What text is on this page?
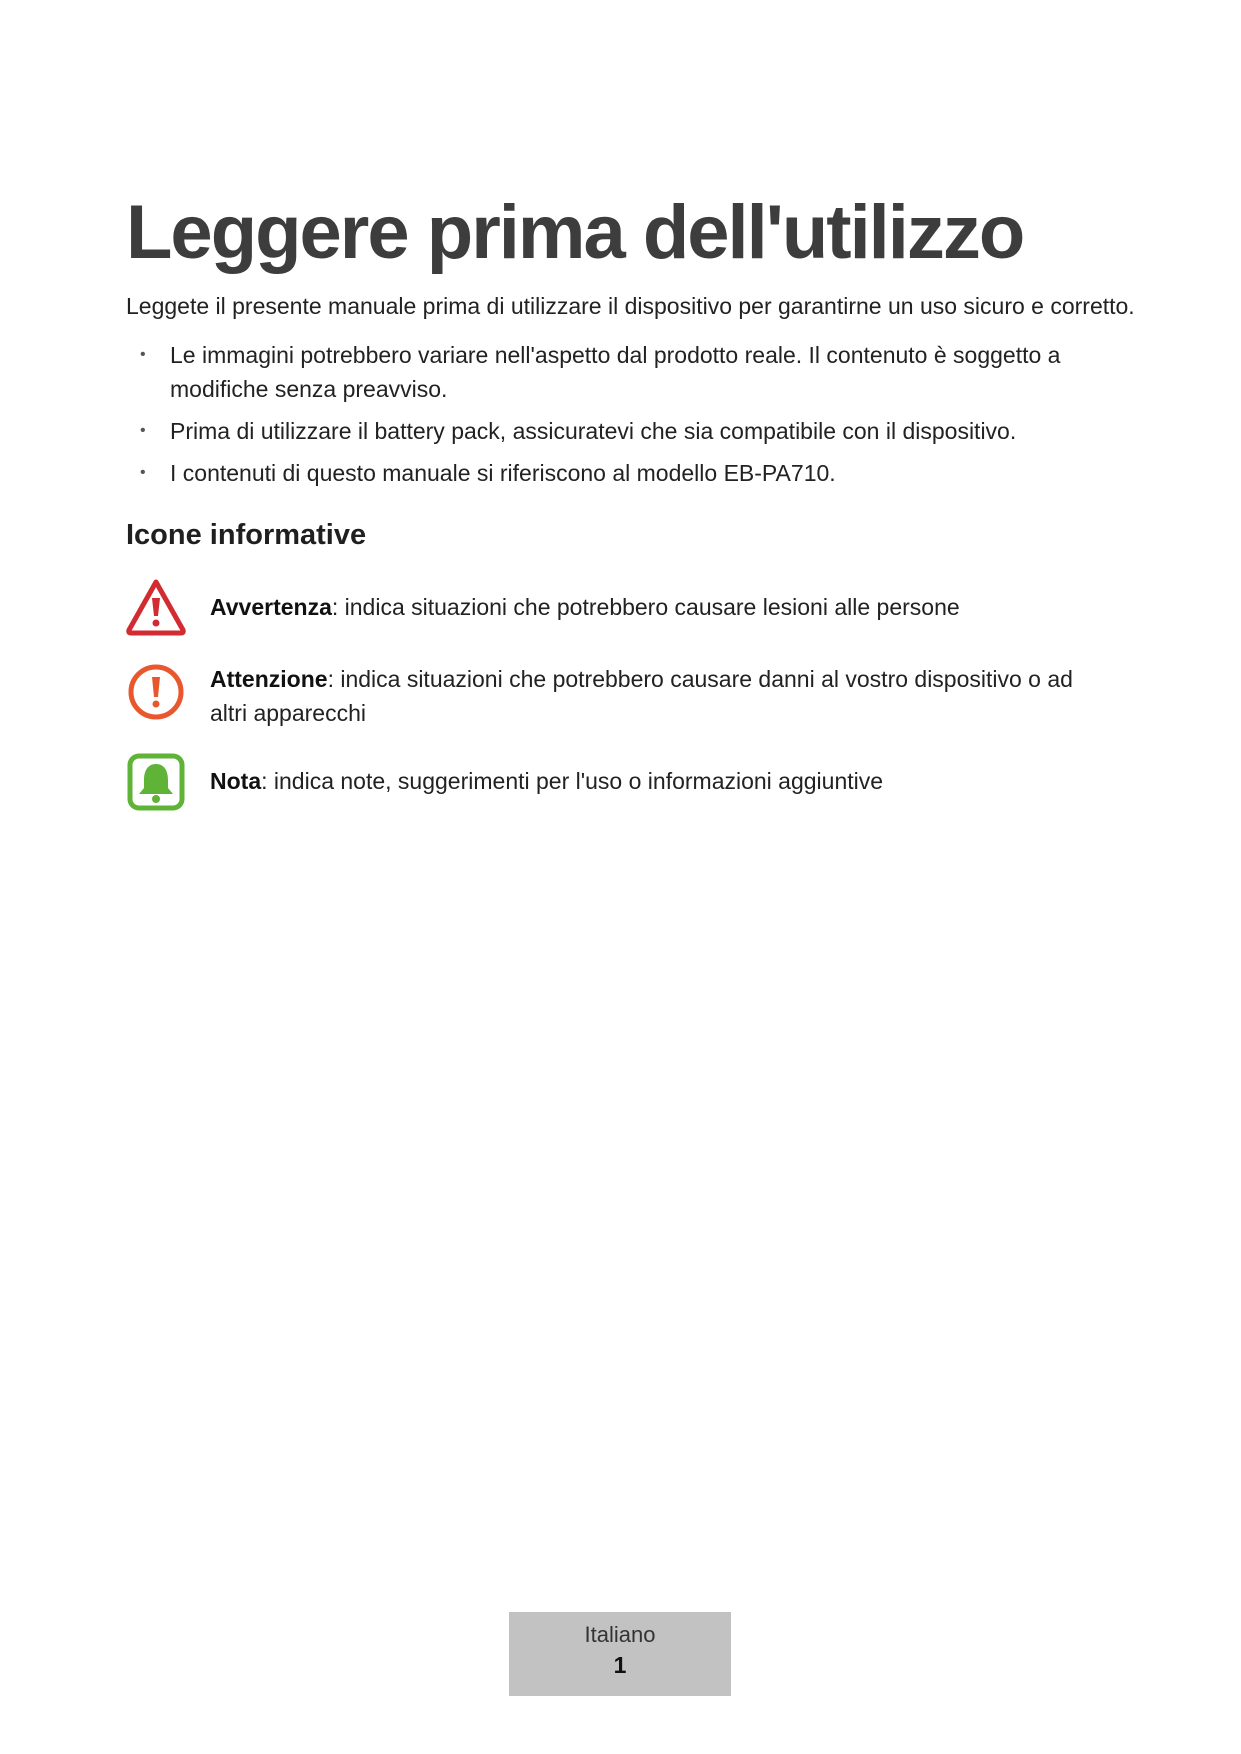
Leggere prima dell'utilizzo
Leggete il presente manuale prima di utilizzare il dispositivo per garantirne un uso sicuro e corretto.
• Le immagini potrebbero variare nell'aspetto dal prodotto reale. Il contenuto è soggetto a modifiche senza preavviso.
• Prima di utilizzare il battery pack, assicuratevi che sia compatibile con il dispositivo.
• I contenuti di questo manuale si riferiscono al modello EB-PA710.
Icone informative
Avvertenza: indica situazioni che potrebbero causare lesioni alle persone
Attenzione: indica situazioni che potrebbero causare danni al vostro dispositivo o ad altri apparecchi
Nota: indica note, suggerimenti per l'uso o informazioni aggiuntive
Italiano
1
